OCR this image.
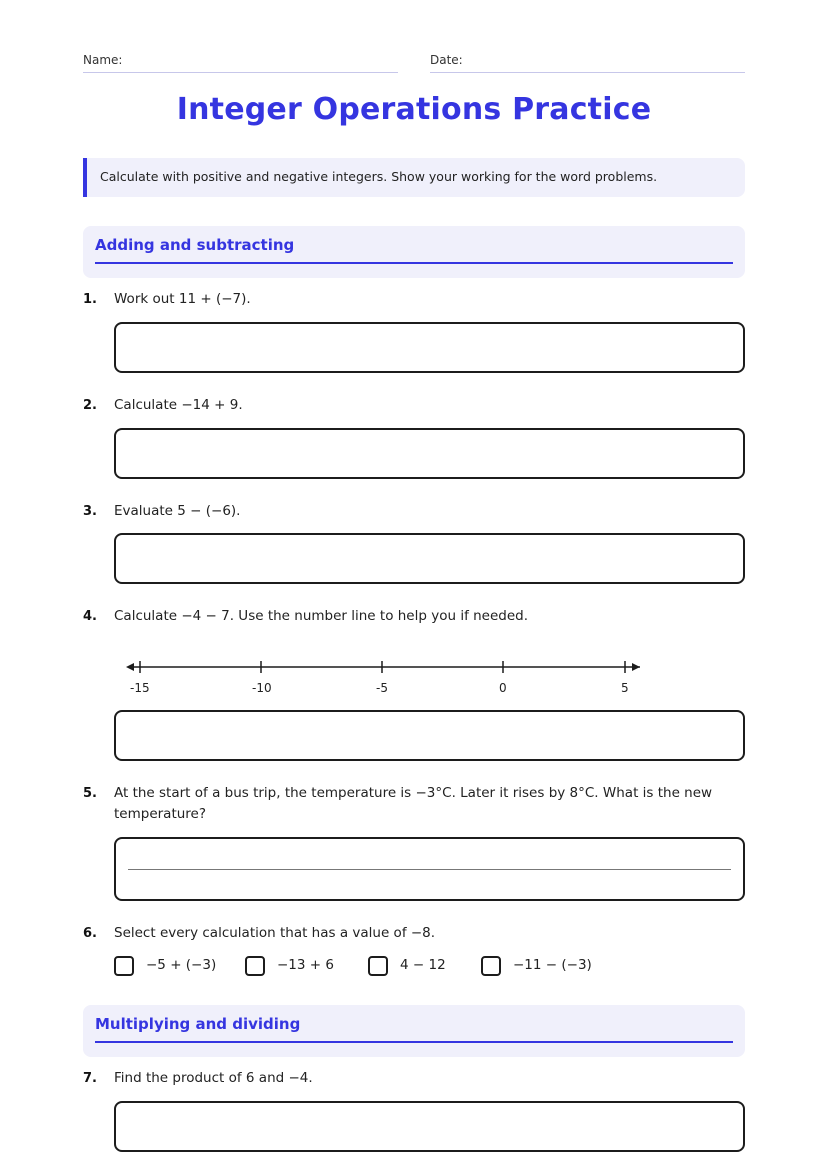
Name:	Date:
Integer Operations Practice
Calculate with positive and negative integers. Show your working for the word problems.
Adding and subtracting
1. Work out 11 + (−7).
2. Calculate −14 + 9.
3. Evaluate 5 − (−6).
4. Calculate −4 − 7. Use the number line to help you if needed.
-15	-10	-5	0	5
5. At the start of a bus trip, the temperature is −3°C. Later it rises by 8°C. What is the new
temperature?
6. Select every calculation that has a value of −8.
−5 + (−3)	−13 + 6	4 − 12	−11 − (−3)
Multiplying and dividing
7. Find the product of 6 and −4.
